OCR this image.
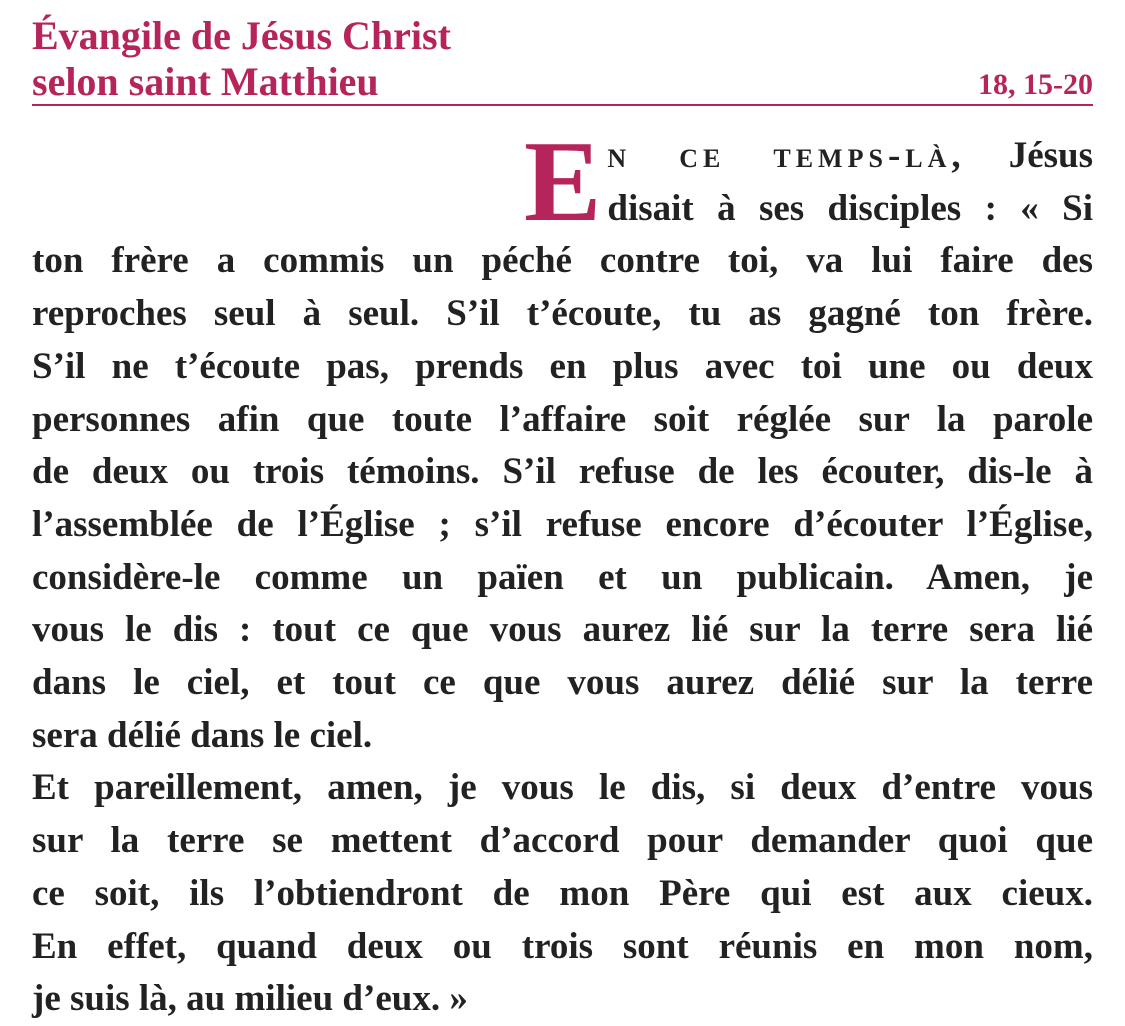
Évangile de Jésus Christ

selon saint Matthieu	18, 15-20

E n ce temps-là, Jésus
disait à ses disciples : « Si
ton frère a commis un péché contre toi, va lui faire des
reproches seul à seul. S’il t’écoute, tu as gagné ton frère.
S’il ne t’écoute pas, prends en plus avec toi une ou deux
personnes afin que toute l’affaire soit réglée sur la parole
de deux ou trois témoins. S’il refuse de les écouter, dis-le à
l’assemblée de l’Église ; s’il refuse encore d’écouter l’Église,
considère-le comme un païen et un publicain. Amen, je
vous le dis : tout ce que vous aurez lié sur la terre sera lié
dans le ciel, et tout ce que vous aurez délié sur la terre
sera délié dans le ciel.
Et pareillement, amen, je vous le dis, si deux d’entre vous
sur la terre se mettent d’accord pour demander quoi que
ce soit, ils l’obtiendront de mon Père qui est aux cieux.
En effet, quand deux ou trois sont réunis en mon nom,
je suis là, au milieu d’eux. »
